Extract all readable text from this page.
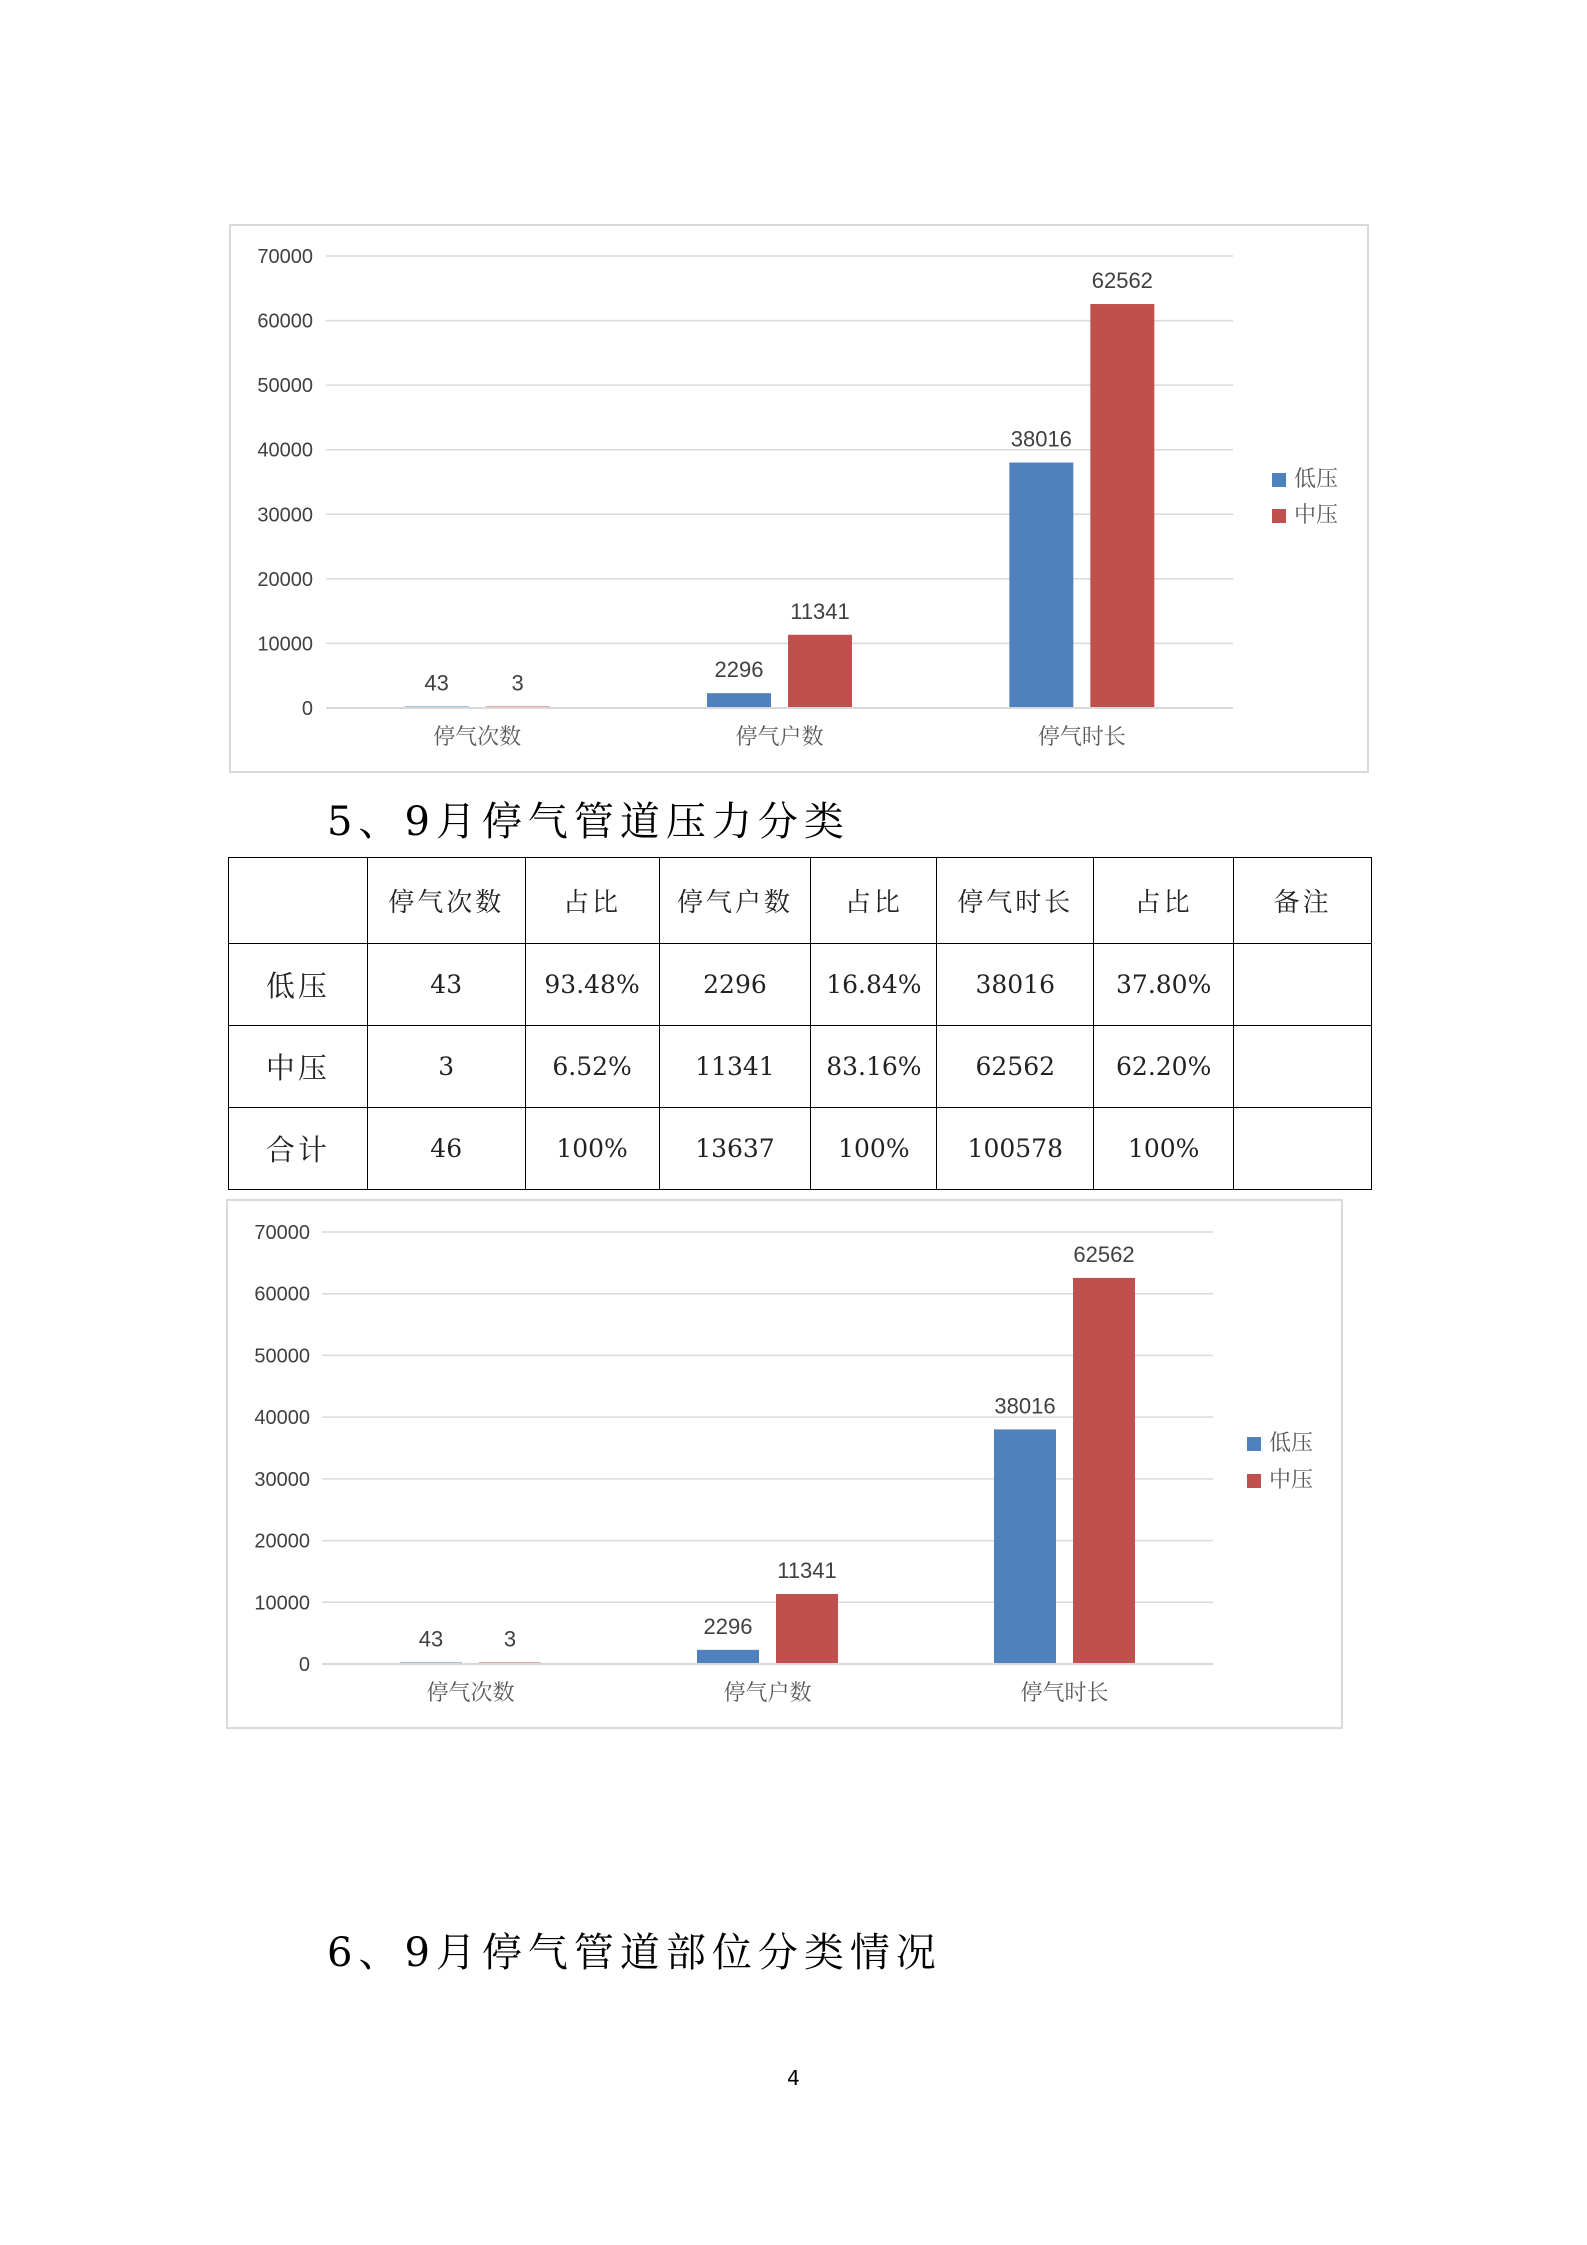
0
10000
20000
30000
40000
50000
60000
70000
停气次数
43	3
停气户数
2296
11341
停气时长
38016
62562
低压
中压
5、9月停气管道压力分类
	停气次数	占比	停气户数	占比	停气时长	占比	备注
低压	43	93.48%	2296	16.84%	38016	37.80%	
中压	3	6.52%	11341	83.16%	62562	62.20%	
合计	46	100%	13637	100%	100578	100%	
0
10000
20000
30000
40000
50000
60000
70000
停气次数
43	3
停气户数
2296
11341
停气时长
38016
62562
低压
中压
6、9月停气管道部位分类情况
4
